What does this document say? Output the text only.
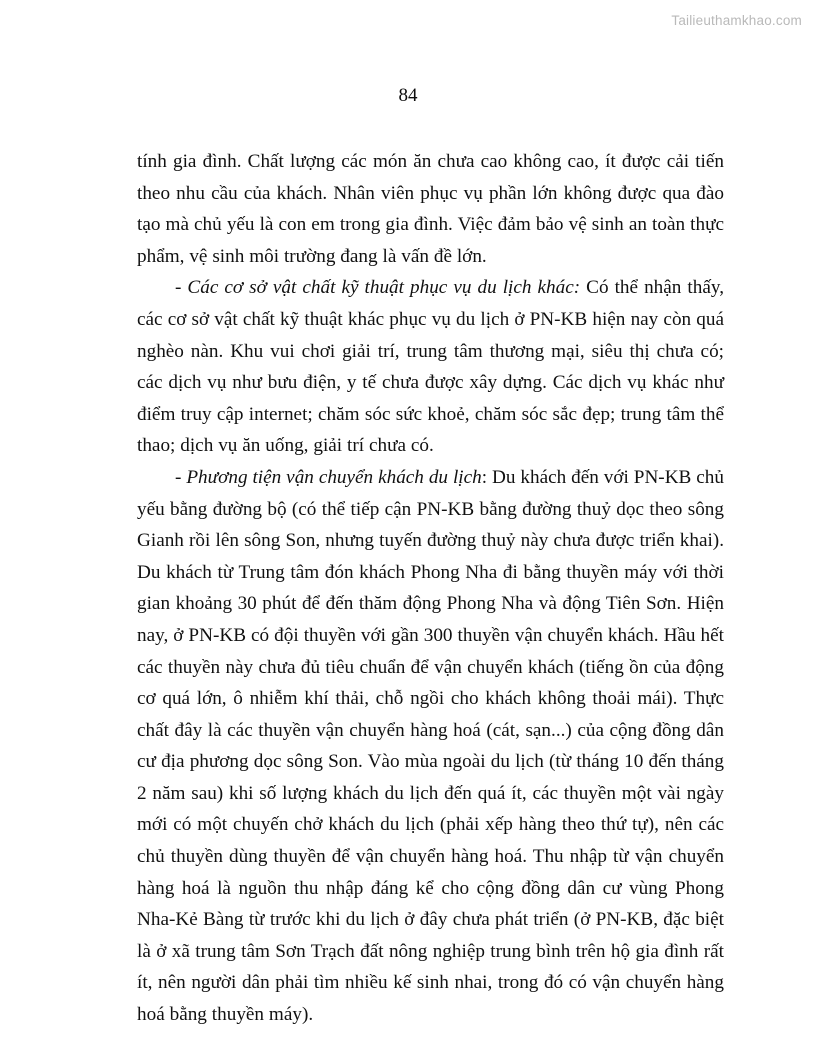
Tailieuthamkhao.com
84

tính gia đình. Chất lượng các món ăn chưa cao không cao, ít được cải tiến theo nhu cầu của khách. Nhân viên phục vụ phần lớn không được qua đào tạo mà chủ yếu là con em trong gia đình. Việc đảm bảo vệ sinh an toàn thực phẩm, vệ sinh môi trường đang là vấn đề lớn.

- Các cơ sở vật chất kỹ thuật phục vụ du lịch khác: Có thể nhận thấy, các cơ sở vật chất kỹ thuật khác phục vụ du lịch ở PN-KB hiện nay còn quá nghèo nàn. Khu vui chơi giải trí, trung tâm thương mại, siêu thị chưa có; các dịch vụ như bưu điện, y tế chưa được xây dựng. Các dịch vụ khác như điểm truy cập internet; chăm sóc sức khoẻ, chăm sóc sắc đẹp; trung tâm thể thao; dịch vụ ăn uống, giải trí chưa có.

- Phương tiện vận chuyển khách du lịch: Du khách đến với PN-KB chủ yếu bằng đường bộ (có thể tiếp cận PN-KB bằng đường thuỷ dọc theo sông Gianh rồi lên sông Son, nhưng tuyến đường thuỷ này chưa được triển khai). Du khách từ Trung tâm đón khách Phong Nha đi bằng thuyền máy với thời gian khoảng 30 phút để đến thăm động Phong Nha và động Tiên Sơn. Hiện nay, ở PN-KB có đội thuyền với gần 300 thuyền vận chuyển khách. Hầu hết các thuyền này chưa đủ tiêu chuẩn để vận chuyển khách (tiếng ồn của động cơ quá lớn, ô nhiễm khí thải, chỗ ngồi cho khách không thoải mái). Thực chất đây là các thuyền vận chuyển hàng hoá (cát, sạn...) của cộng đồng dân cư địa phương dọc sông Son. Vào mùa ngoài du lịch (từ tháng 10 đến tháng 2 năm sau) khi số lượng khách du lịch đến quá ít, các thuyền một vài ngày mới có một chuyến chở khách du lịch (phải xếp hàng theo thứ tự), nên các chủ thuyền dùng thuyền để vận chuyển hàng hoá. Thu nhập từ vận chuyển hàng hoá là nguồn thu nhập đáng kể cho cộng đồng dân cư vùng Phong Nha-Kẻ Bàng từ trước khi du lịch ở đây chưa phát triển (ở PN-KB, đặc biệt là ở xã trung tâm Sơn Trạch đất nông nghiệp trung bình trên hộ gia đình rất ít, nên người dân phải tìm nhiều kế sinh nhai, trong đó có vận chuyển hàng hoá bằng thuyền máy).
